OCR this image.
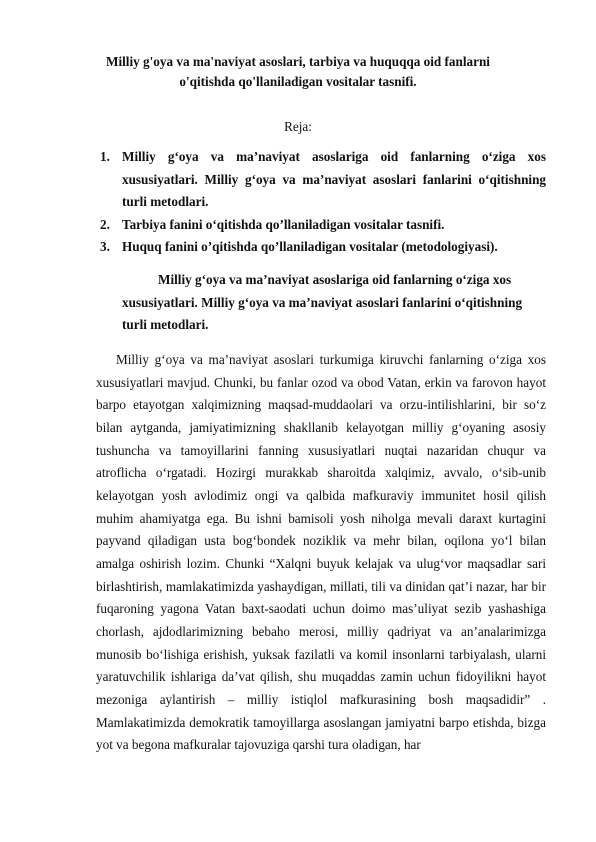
Milliy g'oya va ma'naviyat asoslari, tarbiya va huquqqa oid fanlarni o'qitishda qo'llaniladigan vositalar tasnifi.
Reja:
1. Milliy g‘oya va ma’naviyat asoslariga oid fanlarning o‘ziga xos xususiyatlari. Milliy g‘oya va ma’naviyat asoslari fanlarini o‘qitishning turli metodlari.
2. Tarbiya fanini o‘qitishda qo’llaniladigan vositalar tasnifi.
3. Huquq fanini o’qitishda qo’llaniladigan vositalar (metodologiyasi).
Milliy g‘oya va ma’naviyat asoslariga oid fanlarning o‘ziga xos xususiyatlari. Milliy g‘oya va ma’naviyat asoslari fanlarini o‘qitishning turli metodlari.

Milliy g‘oya va ma’naviyat asoslari turkumiga kiruvchi fanlarning o‘ziga xos xususiyatlari mavjud. Chunki, bu fanlar ozod va obod Vatan, erkin va farovon hayot barpo etayotgan xalqimizning maqsad-muddaolari va orzu-intilishlarini, bir so‘z bilan aytganda, jamiyatimizning shakllanib kelayotgan milliy g‘oyaning asosiy tushuncha va tamoyillarini fanning xususiyatlari nuqtai nazaridan chuqur va atroflicha o‘rgatadi. Hozirgi murakkab sharoitda xalqimiz, avvalo, o‘sib-unib kelayotgan yosh avlodimiz ongi va qalbida mafkuraviy immunitet hosil qilish muhim ahamiyatga ega. Bu ishni bamisoli yosh niholga mevali daraxt kurtagini payvand qiladigan usta bog‘bondek noziklik va mehr bilan, oqilona yo‘l bilan amalga oshirish lozim. Chunki “Xalqni buyuk kelajak va ulug‘vor maqsadlar sari birlashtirish, mamlakatimizda yashaydigan, millati, tili va dinidan qat’i nazar, har bir fuqaroning yagona Vatan baxt-saodati uchun doimo mas’uliyat sezib yashashiga chorlash, ajdodlarimizning bebaho merosi, milliy qadriyat va an’analarimizga munosib bo‘lishiga erishish, yuksak fazilatli va komil insonlarni tarbiyalash, ularni yaratuvchilik ishlariga da’vat qilish, shu muqaddas zamin uchun fidoyilikni hayot mezoniga aylantirish – milliy istiqlol mafkurasining bosh maqsadidir” . Mamlakatimizda demokratik tamoyillarga asoslangan jamiyatni barpo etishda, bizga yot va begona mafkuralar tajovuziga qarshi tura oladigan, har
